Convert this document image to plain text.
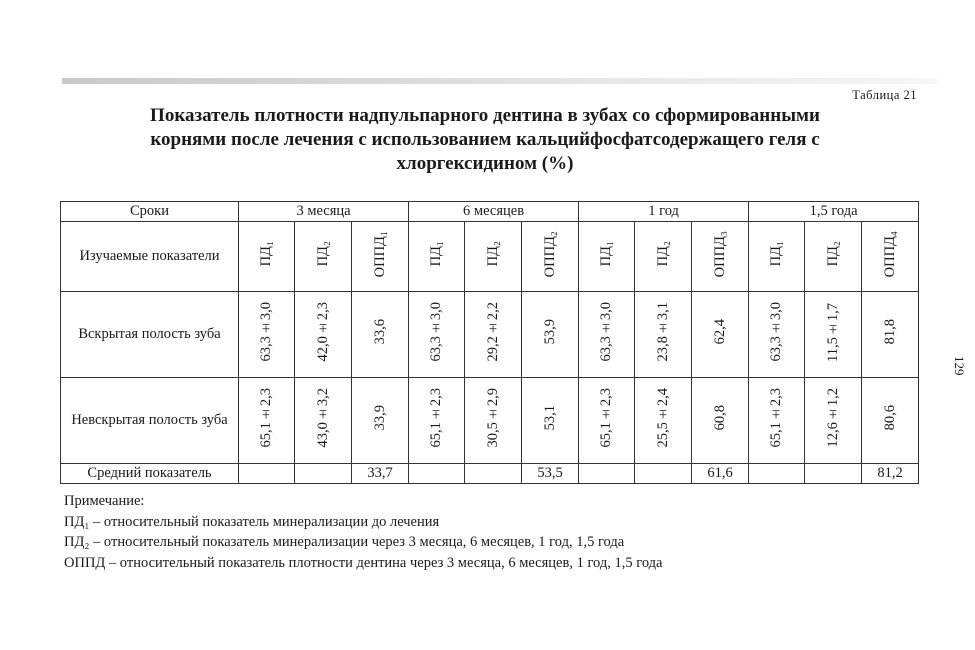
Таблица 21
Показатель плотности надпульпарного дентина в зубах со сформированными
корнями после лечения с использованием кальцийфосфатсодержащего геля с
хлоргексидином (%)
Сроки	3 месяца			6 месяцев			1 год			1,5 года		
Изучаемые показатели	ПД₁	ПД₂	ОППД₁	ПД₁	ПД₂	ОППД₂	ПД₁	ПД₂	ОППД₃	ПД₁	ПД₂	ОППД₄
Вскрытая полость зуба	63,3±3,0	42,0±2,3	33,6	63,3±3,0	29,2±2,2	53,9	63,3±3,0	23,8±3,1	62,4	63,3±3,0	11,5±1,7	81,8
Невскрытая полость зуба	65,1±2,3	43,0±3,2	33,9	65,1±2,3	30,5±2,9	53,1	65,1±2,3	25,5±2,4	60,8	65,1±2,3	12,6±1,2	80,6
Средний показатель			33,7			53,5			61,6			81,2
Примечание:
ПД₁ – относительный показатель минерализации до лечения
ПД₂ – относительный показатель минерализации через 3 месяца, 6 месяцев, 1 год, 1,5 года
ОППД – относительный показатель плотности дентина через 3 месяца, 6 месяцев, 1 год, 1,5 года
129
